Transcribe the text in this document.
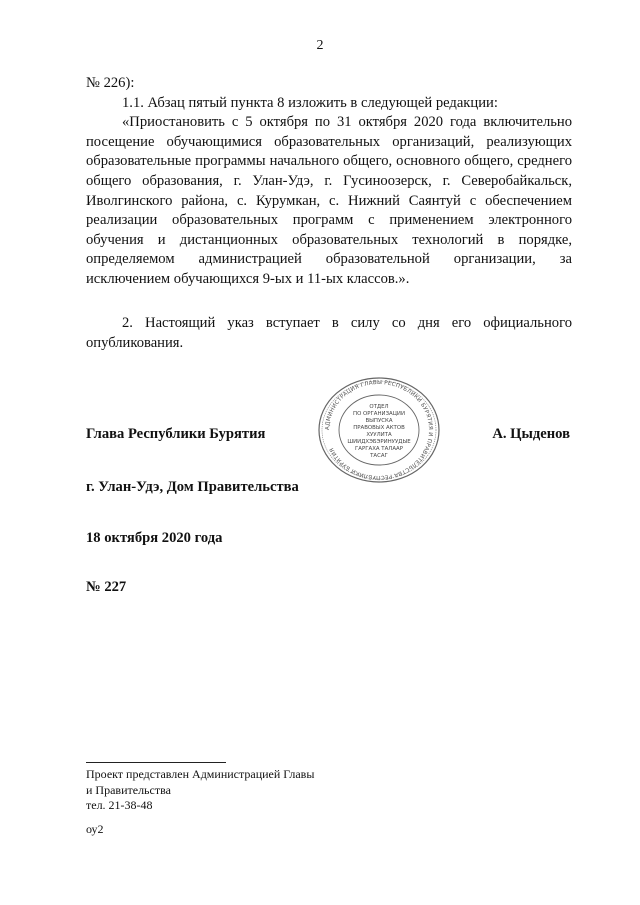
2

№ 226):

1.1. Абзац пятый пункта 8 изложить в следующей редакции:

«Приостановить с 5 октября по 31 октября 2020 года включительно посещение обучающимися образовательных организаций, реализующих образовательные программы начального общего, основного общего, среднего общего образования, г. Улан-Удэ, г. Гусиноозерск, г. Северобайкальск, Иволгинского района, с. Курумкан, с. Нижний Саянтуй с обеспечением реализации образовательных программ с применением электронного обучения и дистанционных образовательных технологий в порядке, определяемом администрацией образовательной организации, за исключением обучающихся 9-ых и 11-ых классов.».

2. Настоящий указ вступает в силу со дня его официального опубликования.

Глава Республики Бурятия	А. Цыденов
АДМИНИСТРАЦИЯ ГЛАВЫ РЕСПУБЛИКИ БУРЯТИЯ И ПРАВИТЕЛЬСТВА РЕСПУБЛИКИ БУРЯТИЯ
ОТДЕЛ
ПО ОРГАНИЗАЦИИ
ВЫПУСКА
ПРАВОВЫХ АКТОВ
ХУУЛИТА
ШИИДХЭБЭРИНУУДЫЕ
ГАРГАХА ТАЛААР
ТАСАГ
г. Улан-Удэ, Дом Правительства
18 октября 2020 года
№ 227
Проект представлен Администрацией Главы
и Правительства
тел. 21-38-48
оу2
